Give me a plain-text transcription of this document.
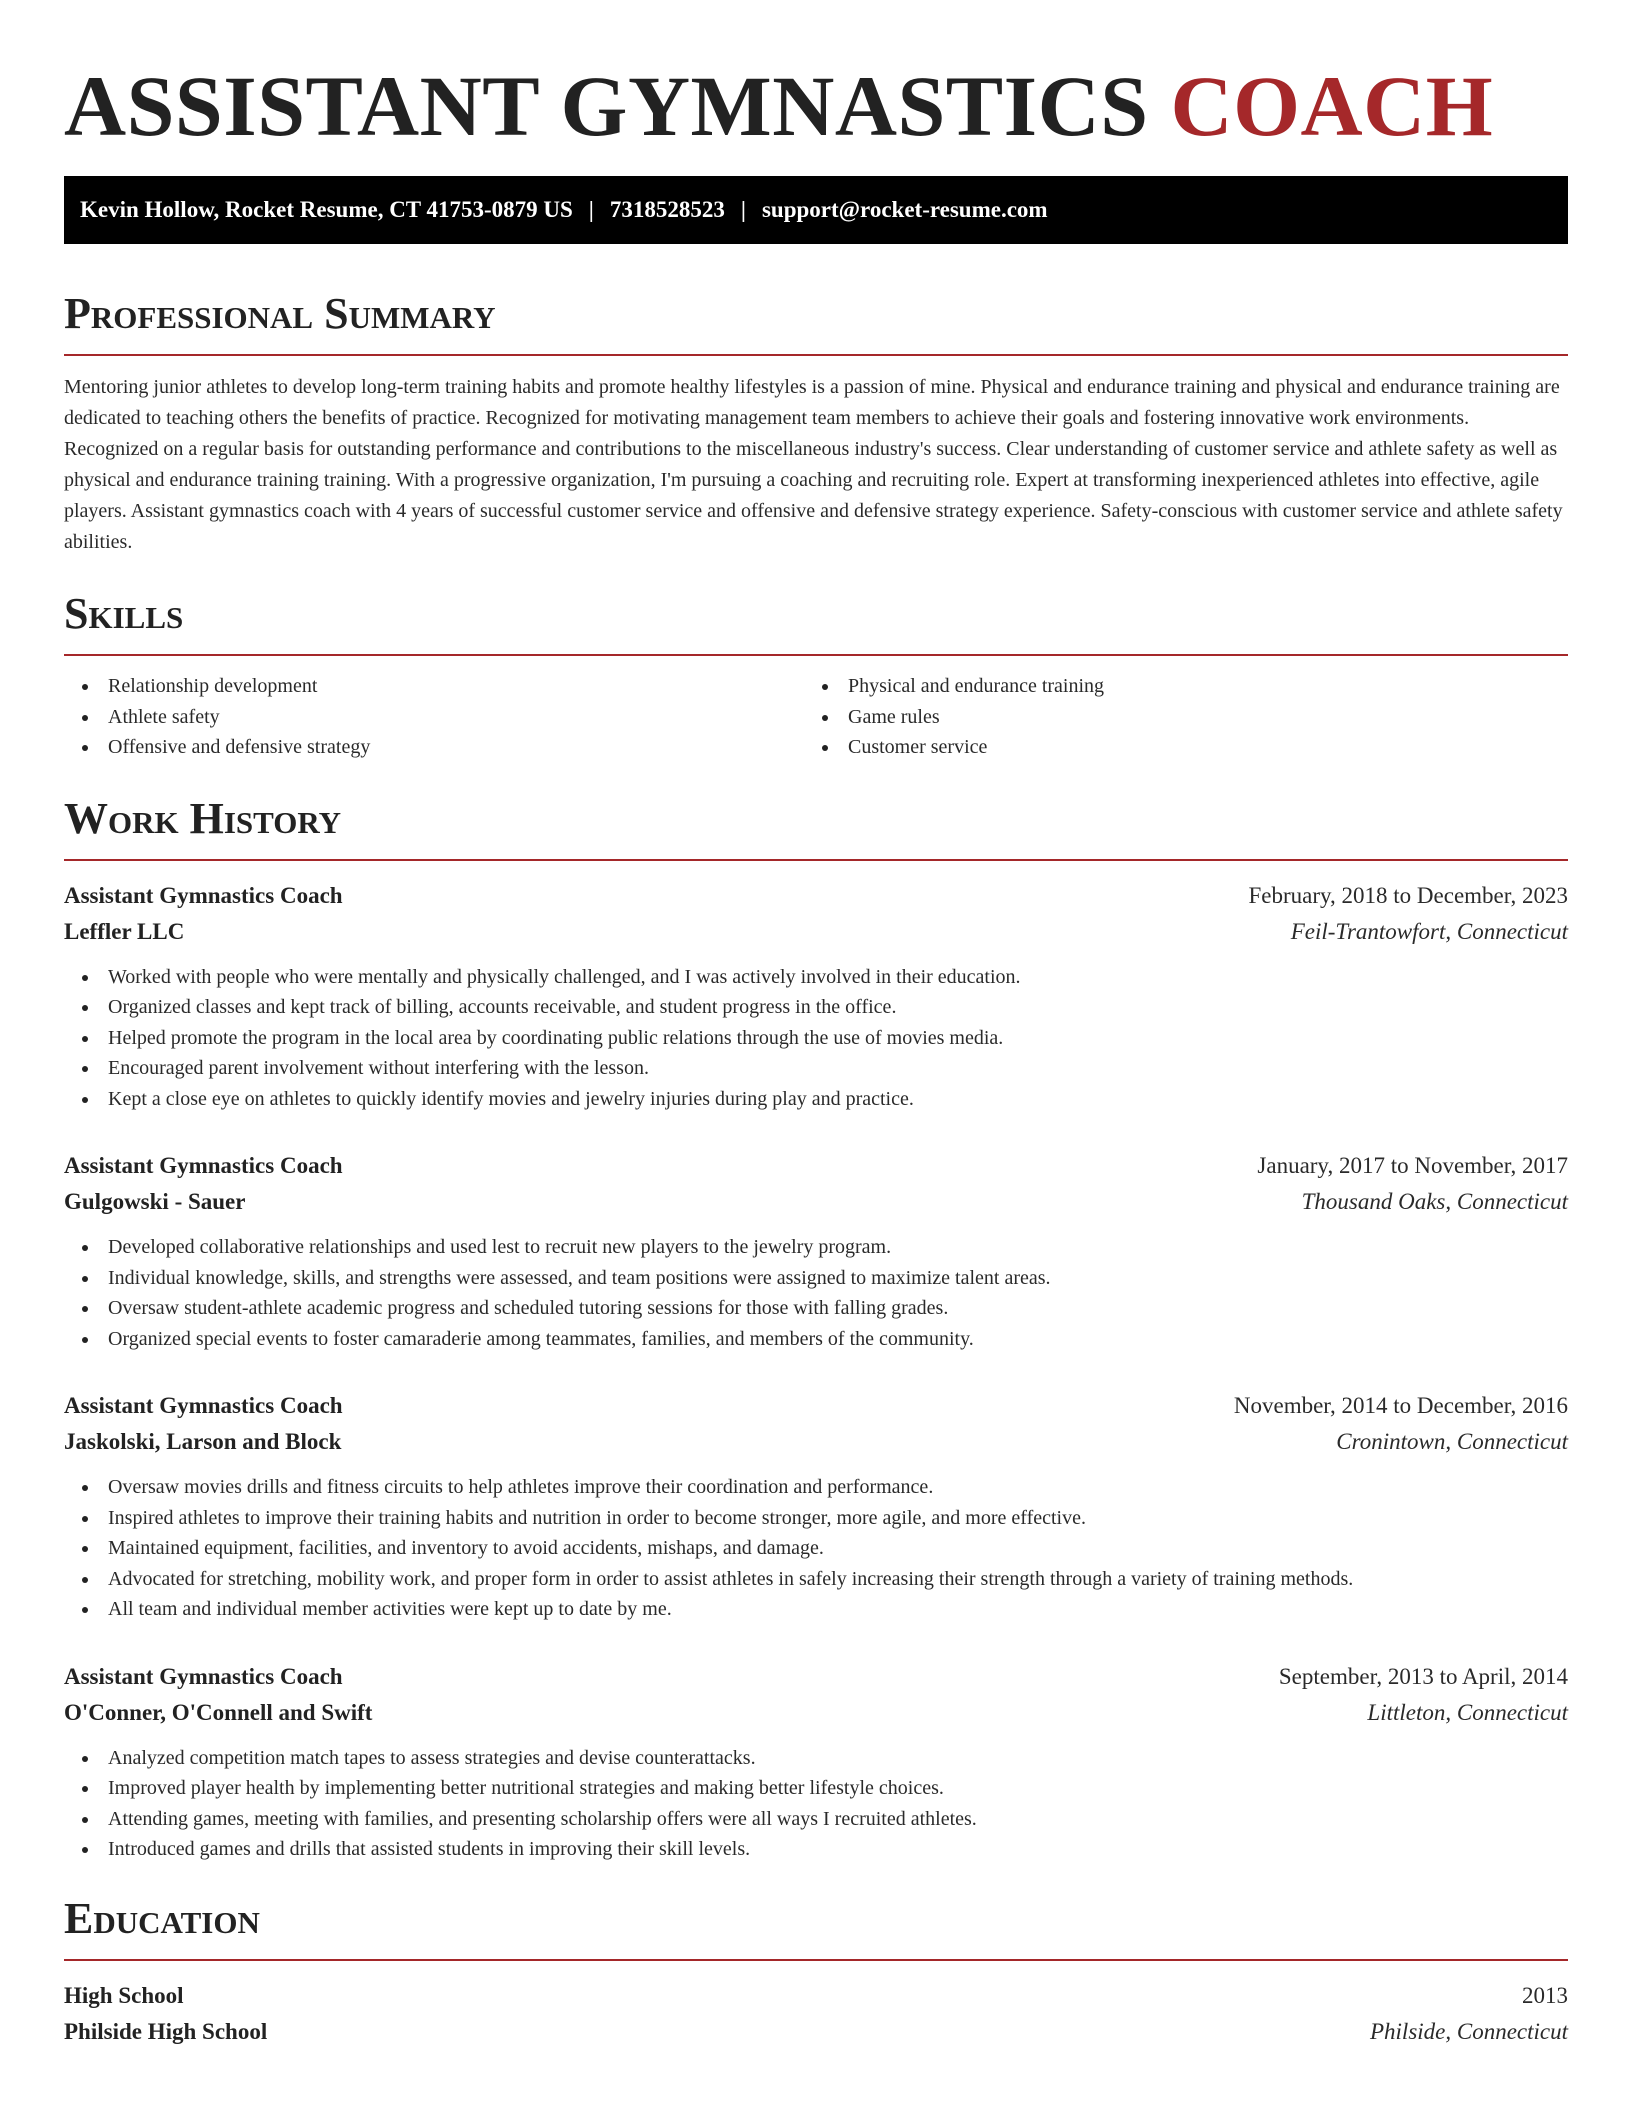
ASSISTANT GYMNASTICS COACH
Kevin Hollow, Rocket Resume, CT 41753-0879 US | 7318528523 | support@rocket-resume.com
Professional Summary

Mentoring junior athletes to develop long-term training habits and promote healthy lifestyles is a passion of mine. Physical and endurance training and physical and endurance training are dedicated to teaching others the benefits of practice. Recognized for motivating management team members to achieve their goals and fostering innovative work environments. Recognized on a regular basis for outstanding performance and contributions to the miscellaneous industry's success. Clear understanding of customer service and athlete safety as well as physical and endurance training training. With a progressive organization, I'm pursuing a coaching and recruiting role. Expert at transforming inexperienced athletes into effective, agile players. Assistant gymnastics coach with 4 years of successful customer service and offensive and defensive strategy experience. Safety-conscious with customer service and athlete safety abilities.

Skills
Relationship development
Athlete safety
Offensive and defensive strategy
Physical and endurance training
Game rules
Customer service
Work History
Assistant Gymnastics Coach	February, 2018 to December, 2023
Leffler LLC	Feil-Trantowfort, Connecticut
Worked with people who were mentally and physically challenged, and I was actively involved in their education.
Organized classes and kept track of billing, accounts receivable, and student progress in the office.
Helped promote the program in the local area by coordinating public relations through the use of movies media.
Encouraged parent involvement without interfering with the lesson.
Kept a close eye on athletes to quickly identify movies and jewelry injuries during play and practice.
Assistant Gymnastics Coach	January, 2017 to November, 2017
Gulgowski - Sauer	Thousand Oaks, Connecticut
Developed collaborative relationships and used lest to recruit new players to the jewelry program.
Individual knowledge, skills, and strengths were assessed, and team positions were assigned to maximize talent areas.
Oversaw student-athlete academic progress and scheduled tutoring sessions for those with falling grades.
Organized special events to foster camaraderie among teammates, families, and members of the community.
Assistant Gymnastics Coach	November, 2014 to December, 2016
Jaskolski, Larson and Block	Cronintown, Connecticut
Oversaw movies drills and fitness circuits to help athletes improve their coordination and performance.
Inspired athletes to improve their training habits and nutrition in order to become stronger, more agile, and more effective.
Maintained equipment, facilities, and inventory to avoid accidents, mishaps, and damage.
Advocated for stretching, mobility work, and proper form in order to assist athletes in safely increasing their strength through a variety of training methods.
All team and individual member activities were kept up to date by me.
Assistant Gymnastics Coach	September, 2013 to April, 2014
O'Conner, O'Connell and Swift	Littleton, Connecticut
Analyzed competition match tapes to assess strategies and devise counterattacks.
Improved player health by implementing better nutritional strategies and making better lifestyle choices.
Attending games, meeting with families, and presenting scholarship offers were all ways I recruited athletes.
Introduced games and drills that assisted students in improving their skill levels.
Education
High School	2013
Philside High School	Philside, Connecticut
